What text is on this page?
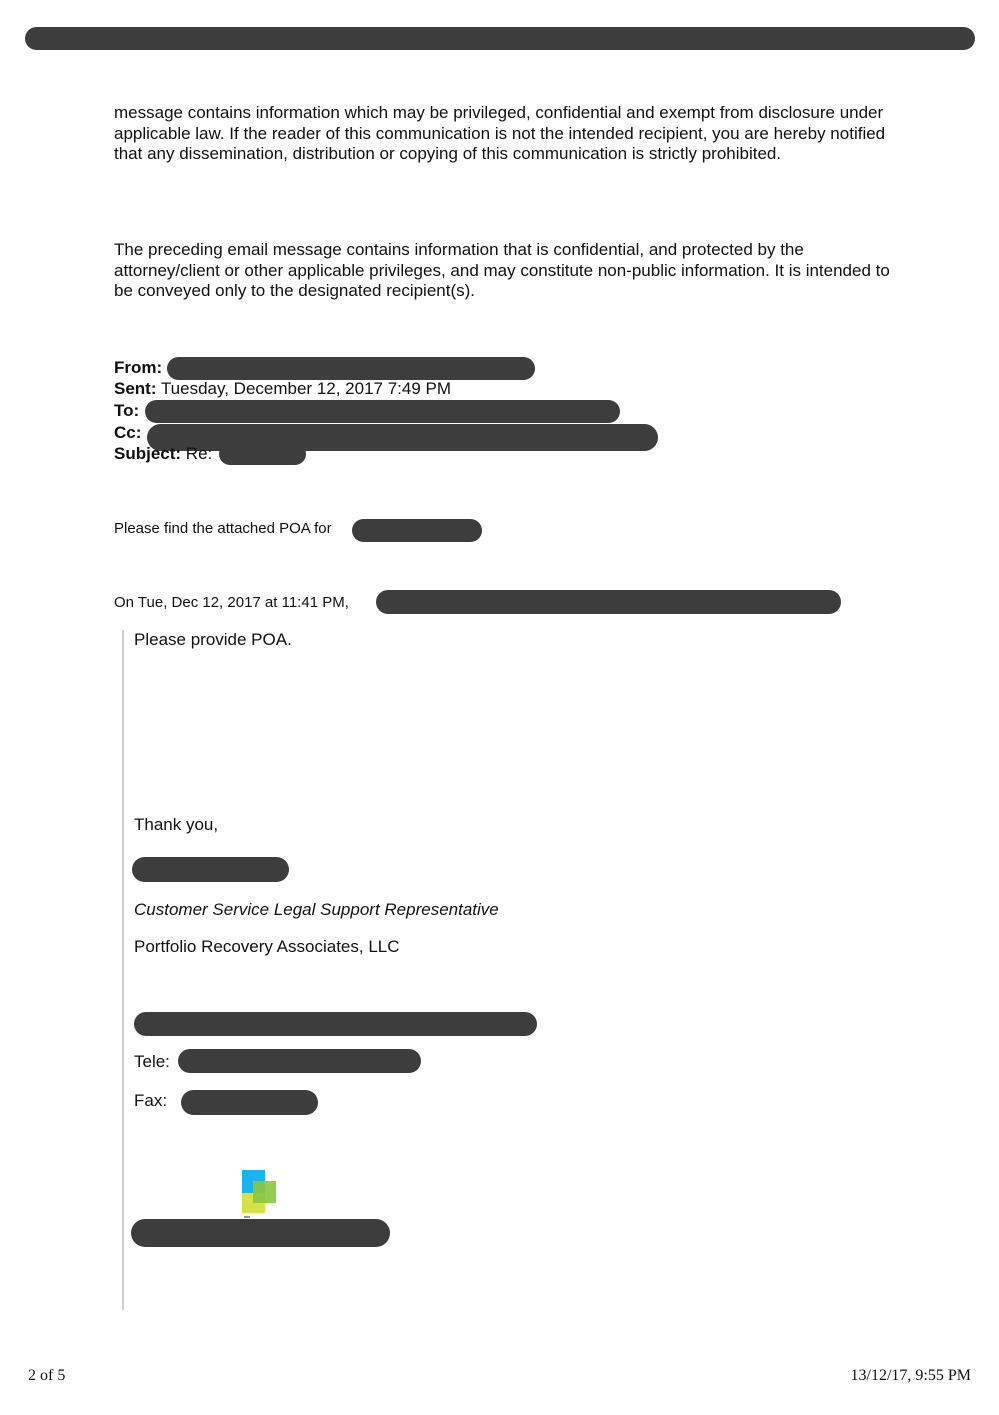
message contains information which may be privileged, confidential and exempt from disclosure under applicable law. If the reader of this communication is not the intended recipient, you are hereby notified that any dissemination, distribution or copying of this communication is strictly prohibited.
The preceding email message contains information that is confidential, and protected by the attorney/client or other applicable privileges, and may constitute non-public information. It is intended to be conveyed only to the designated recipient(s).
From:
Sent: Tuesday, December 12, 2017 7:49 PM
To:
Cc:
Subject: Re:
Please find the attached POA for
On Tue, Dec 12, 2017 at 11:41 PM,
Please provide POA.
Thank you,
Customer Service Legal Support Representative
Portfolio Recovery Associates, LLC
Tele:
Fax:
2 of 5	13/12/17, 9:55 PM
